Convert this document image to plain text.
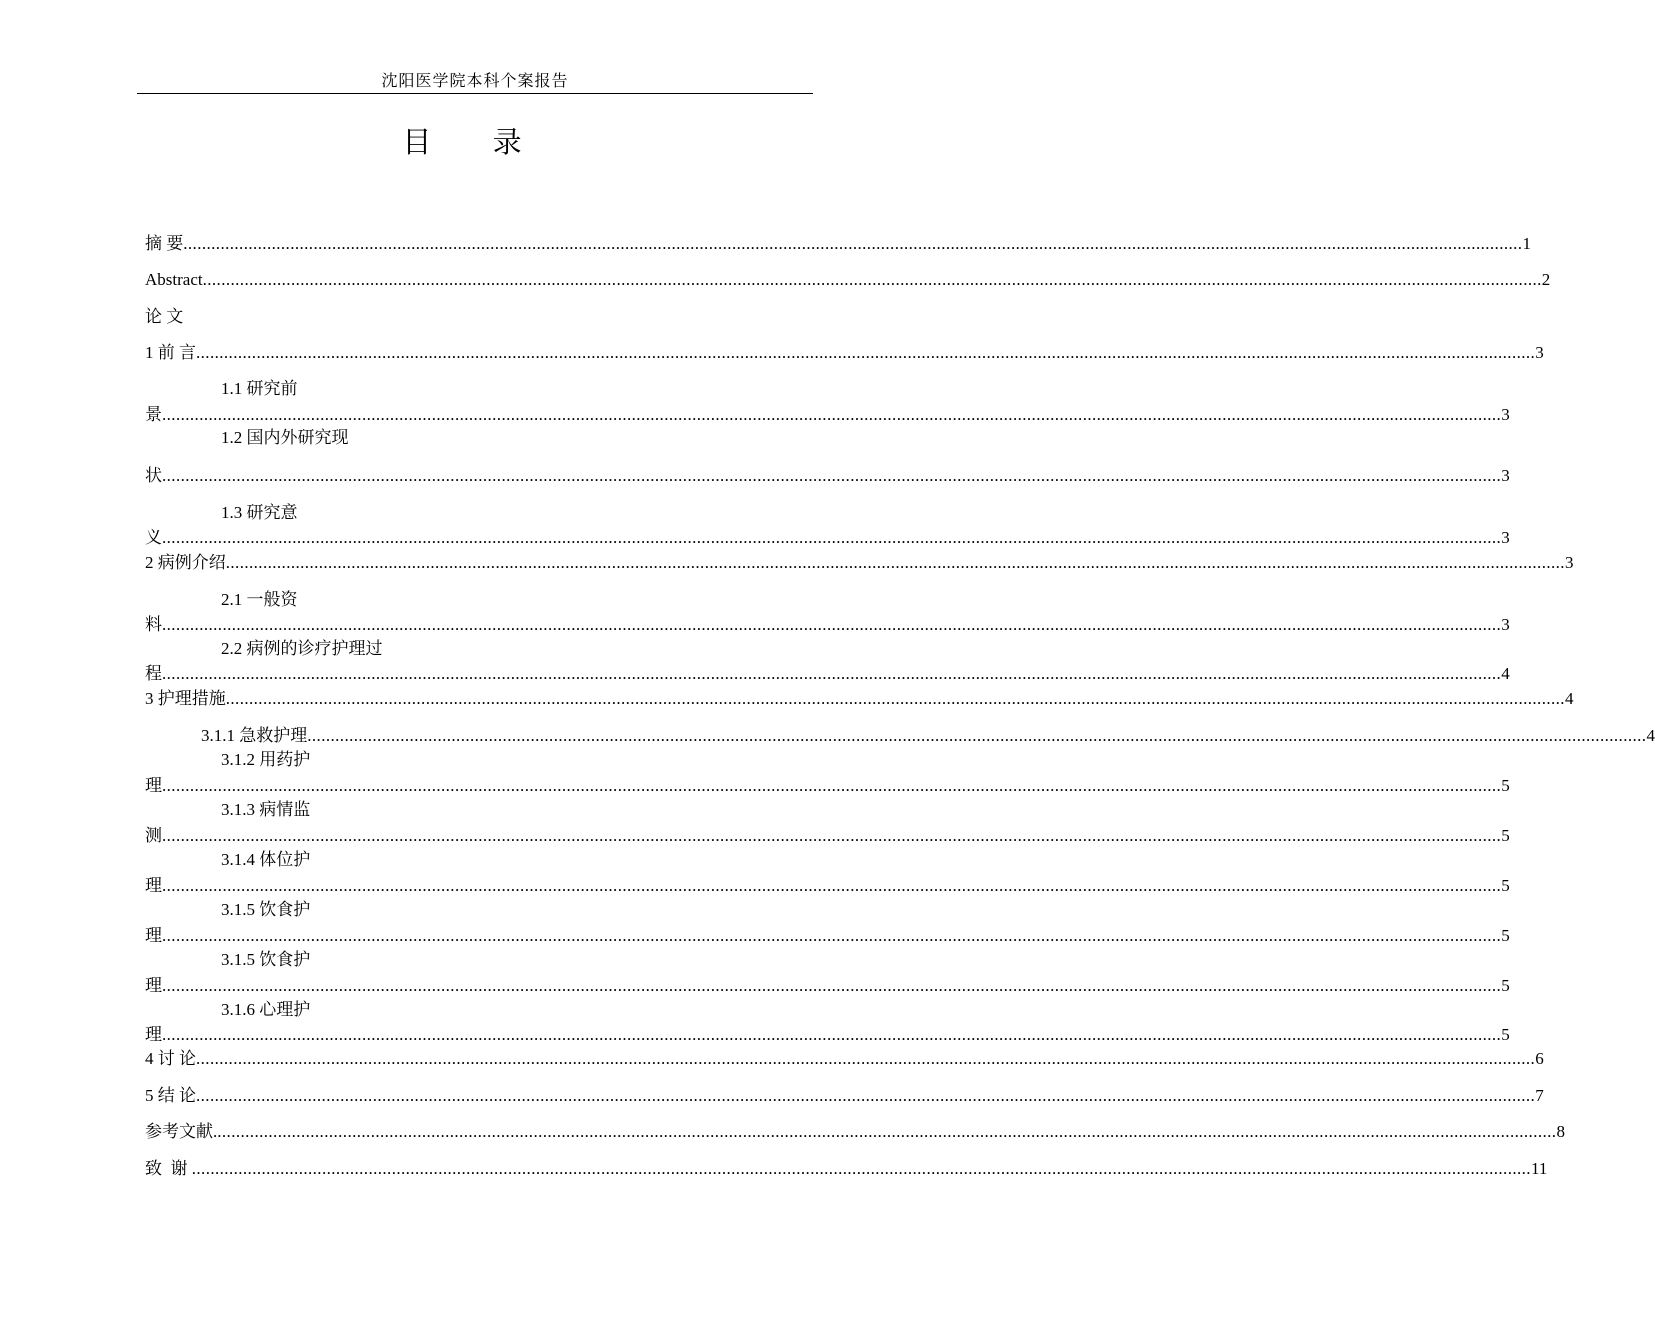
沈阳医学院本科个案报告
目 录
摘 要 ................................................................................................................................................................................................................................................................................................ 1
Abstract ................................................................................................................................................................................................................................................................................................ 2
论 文
1 前 言 ................................................................................................................................................................................................................................................................................................ 3
1.1 研究前
景 ................................................................................................................................................................................................................................................................................................ 3
1.2 国内外研究现
状 ................................................................................................................................................................................................................................................................................................ 3
1.3 研究意
义 ................................................................................................................................................................................................................................................................................................ 3
2 病例介绍 ................................................................................................................................................................................................................................................................................................ 3
2.1 一般资
料 ................................................................................................................................................................................................................................................................................................ 3
2.2 病例的诊疗护理过
程 ................................................................................................................................................................................................................................................................................................ 4
3 护理措施 ................................................................................................................................................................................................................................................................................................ 4
3.1.1 急救护理 ................................................................................................................................................................................................................................................................................................ 4
3.1.2 用药护
理 ................................................................................................................................................................................................................................................................................................ 5
3.1.3 病情监
测 ................................................................................................................................................................................................................................................................................................ 5
3.1.4 体位护
理 ................................................................................................................................................................................................................................................................................................ 5
3.1.5 饮食护
理 ................................................................................................................................................................................................................................................................................................ 5
3.1.5 饮食护
理 ................................................................................................................................................................................................................................................................................................ 5
3.1.6 心理护
理 ................................................................................................................................................................................................................................................................................................ 5
4 讨 论 ................................................................................................................................................................................................................................................................................................ 6
5 结 论 ................................................................................................................................................................................................................................................................................................ 7
参考文献. ................................................................................................................................................................................................................................................................................................ 8
致  谢 ................................................................................................................................................................................................................................................................................................ 11
